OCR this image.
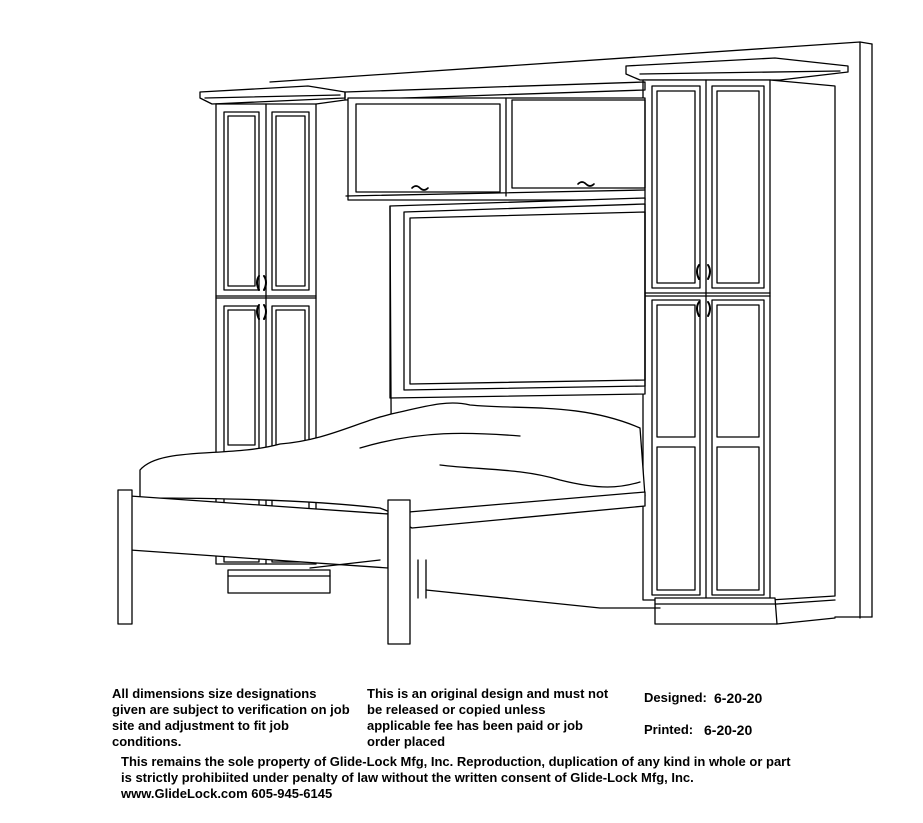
All dimensions size designations given are subject to verification on job site and adjustment to fit job conditions.

This is an original design and must not be released or copied unless applicable fee has been paid or job order placed

Designed: 6-20-20
Printed: 6-20-20

This remains the sole property of Glide-Lock Mfg, Inc. Reproduction, duplication of any kind in whole or part is strictly prohibiited under penalty of law without the written consent of Glide-Lock Mfg, Inc.

www.GlideLock.com 605-945-6145
